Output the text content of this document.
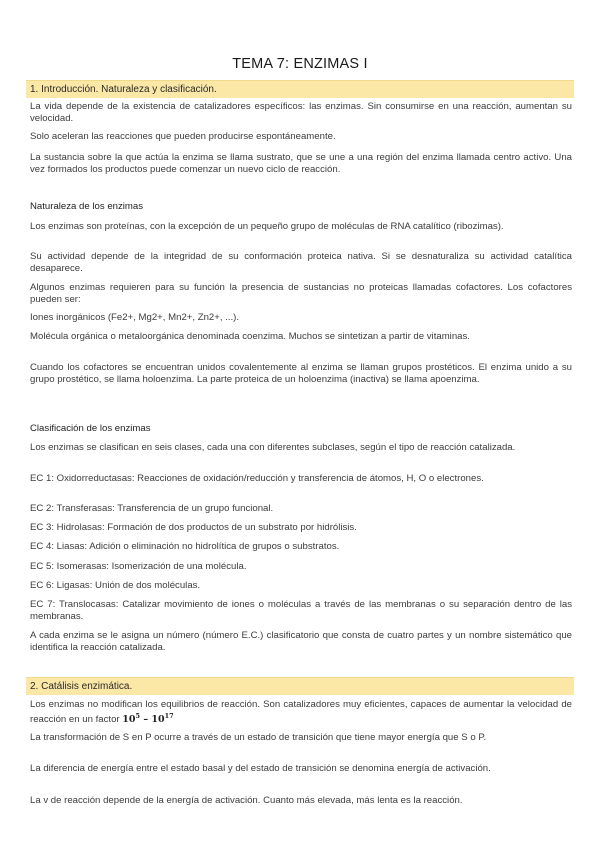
TEMA 7: ENZIMAS I
1. Introducción. Naturaleza y clasificación.
La vida depende de la existencia de catalizadores específicos: las enzimas. Sin consumirse en una reacción, aumentan su velocidad.
Solo aceleran las reacciones que pueden producirse espontáneamente.
La sustancia sobre la que actúa la enzima se llama sustrato, que se une a una región del enzima llamada centro activo. Una vez formados los productos puede comenzar un nuevo ciclo de reacción.
Naturaleza de los enzimas
Los enzimas son proteínas, con la excepción de un pequeño grupo de moléculas de RNA catalítico (ribozimas).
Su actividad depende de la integridad de su conformación proteica nativa. Si se desnaturaliza su actividad catalítica desaparece.
Algunos enzimas requieren para su función la presencia de sustancias no proteicas llamadas cofactores. Los cofactores pueden ser:
Iones inorgánicos (Fe2+, Mg2+, Mn2+, Zn2+, ...).
Molécula orgánica o metaloorgánica denominada coenzima. Muchos se sintetizan a partir de vitaminas.
Cuando los cofactores se encuentran unidos covalentemente al enzima se llaman grupos prostéticos. El enzima unido a su grupo prostético, se llama holoenzima. La parte proteica de un holoenzima (inactiva) se llama apoenzima.
Clasificación de los enzimas
Los enzimas se clasifican en seis clases, cada una con diferentes subclases, según el tipo de reacción catalizada.
EC 1: Oxidorreductasas: Reacciones de oxidación/reducción y transferencia de átomos, H, O o electrones.
EC 2: Transferasas: Transferencia de un grupo funcional.
EC 3: Hidrolasas: Formación de dos productos de un substrato por hidrólisis.
EC 4: Liasas: Adición o eliminación no hidrolítica de grupos o substratos.
EC 5: Isomerasas: Isomerización de una molécula.
EC 6: Ligasas: Unión de dos moléculas.
EC 7: Translocasas: Catalizar movimiento de iones o moléculas a través de las membranas o su separación dentro de las membranas.
A cada enzima se le asigna un número (número E.C.) clasificatorio que consta de cuatro partes y un nombre sistemático que identifica la reacción catalizada.
2. Catálisis enzimática.
Los enzimas no modifican los equilibrios de reacción. Son catalizadores muy eficientes, capaces de aumentar la velocidad de reacción en un factor $10^5 - 10^{17}$
La transformación de S en P ocurre a través de un estado de transición que tiene mayor energía que S o P.
La diferencia de energía entre el estado basal y del estado de transición se denomina energía de activación.
La v de reacción depende de la energía de activación. Cuanto más elevada, más lenta es la reacción.
